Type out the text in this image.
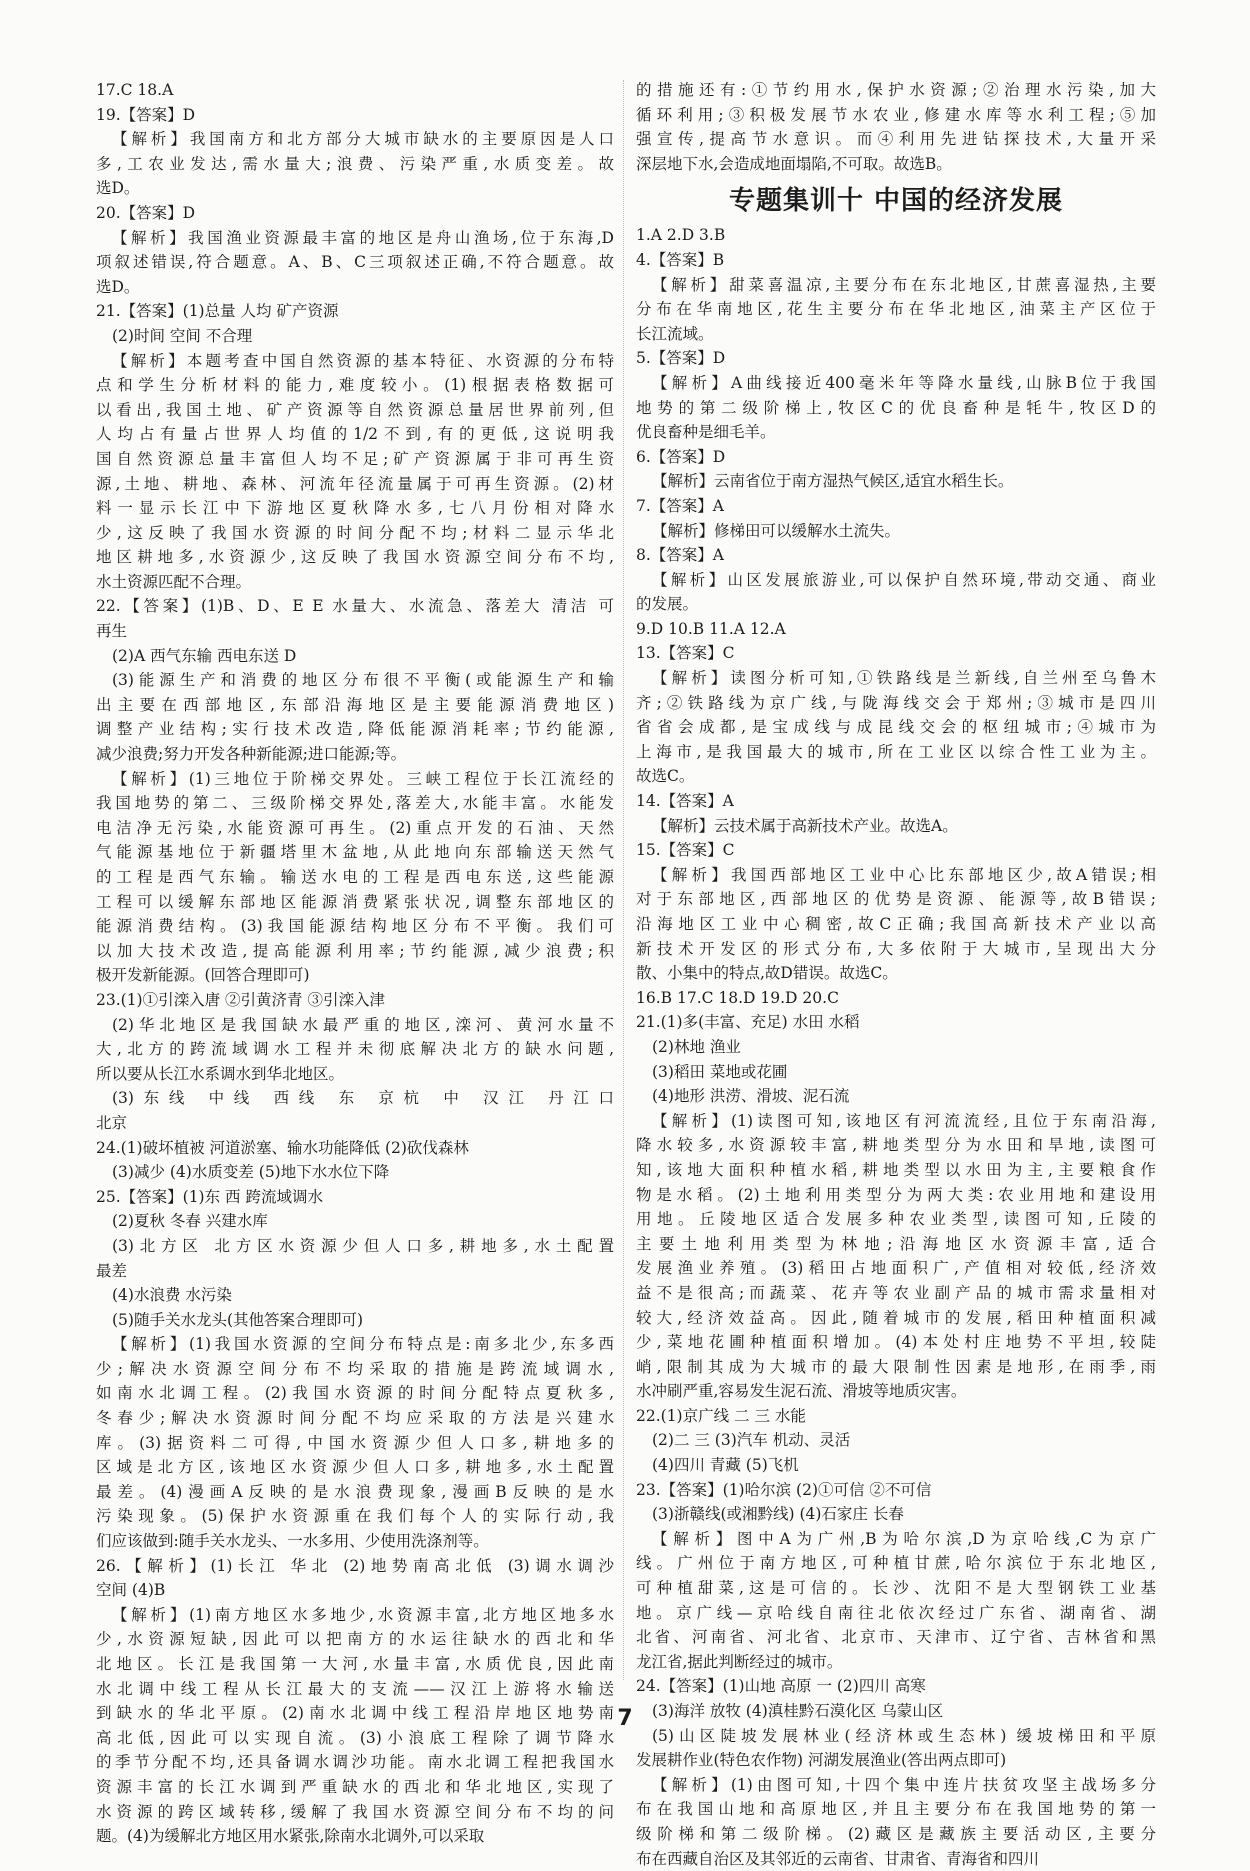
17.C 18.A
19.【答案】D
【解析】我国南方和北方部分大城市缺水的主要原因是人口
多,工农业发达,需水量大;浪费、污染严重,水质变差。故
选D。
20.【答案】D
【解析】我国渔业资源最丰富的地区是舟山渔场,位于东海,D
项叙述错误,符合题意。A、B、C三项叙述正确,不符合题意。故
选D。
21.【答案】(1)总量 人均 矿产资源
(2)时间 空间 不合理
【解析】本题考查中国自然资源的基本特征、水资源的分布特
点和学生分析材料的能力,难度较小。(1)根据表格数据可
以看出,我国土地、矿产资源等自然资源总量居世界前列,但
人均占有量占世界人均值的1/2不到,有的更低,这说明我
国自然资源总量丰富但人均不足;矿产资源属于非可再生资
源,土地、耕地、森林、河流年径流量属于可再生资源。(2)材
料一显示长江中下游地区夏秋降水多,七八月份相对降水
少,这反映了我国水资源的时间分配不均;材料二显示华北
地区耕地多,水资源少,这反映了我国水资源空间分布不均,
水土资源匹配不合理。
22.【答案】(1)B、D、E E 水量大、水流急、落差大 清洁 可
再生
(2)A 西气东输 西电东送 D
(3)能源生产和消费的地区分布很不平衡(或能源生产和输
出主要在西部地区,东部沿海地区是主要能源消费地区)
调整产业结构;实行技术改造,降低能源消耗率;节约能源,
减少浪费;努力开发各种新能源;进口能源;等。
【解析】(1)三地位于阶梯交界处。三峡工程位于长江流经的
我国地势的第二、三级阶梯交界处,落差大,水能丰富。水能发
电洁净无污染,水能资源可再生。(2)重点开发的石油、天然
气能源基地位于新疆塔里木盆地,从此地向东部输送天然气
的工程是西气东输。输送水电的工程是西电东送,这些能源
工程可以缓解东部地区能源消费紧张状况,调整东部地区的
能源消费结构。(3)我国能源结构地区分布不平衡。我们可
以加大技术改造,提高能源利用率;节约能源,减少浪费;积
极开发新能源。(回答合理即可)
23.(1)①引滦入唐 ②引黄济青 ③引滦入津
(2)华北地区是我国缺水最严重的地区,滦河、黄河水量不
大,北方的跨流域调水工程并未彻底解决北方的缺水问题,
所以要从长江水系调水到华北地区。
(3)东线 中线 西线 东 京杭 中 汉江 丹江口
北京
24.(1)破坏植被 河道淤塞、输水功能降低 (2)砍伐森林
(3)减少 (4)水质变差 (5)地下水水位下降
25.【答案】(1)东 西 跨流域调水
(2)夏秋 冬春 兴建水库
(3)北方区 北方区水资源少但人口多,耕地多,水土配置
最差
(4)水浪费 水污染
(5)随手关水龙头(其他答案合理即可)
【解析】(1)我国水资源的空间分布特点是:南多北少,东多西
少;解决水资源空间分布不均采取的措施是跨流域调水,
如南水北调工程。(2)我国水资源的时间分配特点夏秋多,
冬春少;解决水资源时间分配不均应采取的方法是兴建水
库。(3)据资料二可得,中国水资源少但人口多,耕地多的
区域是北方区,该地区水资源少但人口多,耕地多,水土配置
最差。(4)漫画A反映的是水浪费现象,漫画B反映的是水
污染现象。(5)保护水资源重在我们每个人的实际行动,我
们应该做到:随手关水龙头、一水多用、少使用洗涤剂等。
26.【解析】(1)长江 华北 (2)地势南高北低 (3)调水调沙
空间 (4)B
【解析】(1)南方地区水多地少,水资源丰富,北方地区地多水
少,水资源短缺,因此可以把南方的水运往缺水的西北和华
北地区。长江是我国第一大河,水量丰富,水质优良,因此南
水北调中线工程从长江最大的支流——汉江上游将水输送
到缺水的华北平原。(2)南水北调中线工程沿岸地区地势南
高北低,因此可以实现自流。(3)小浪底工程除了调节降水
的季节分配不均,还具备调水调沙功能。南水北调工程把我国水
资源丰富的长江水调到严重缺水的西北和华北地区,实现了
水资源的跨区域转移,缓解了我国水资源空间分布不均的问
题。(4)为缓解北方地区用水紧张,除南水北调外,可以采取
的措施还有:①节约用水,保护水资源;②治理水污染,加大
循环利用;③积极发展节水农业,修建水库等水利工程;⑤加
强宣传,提高节水意识。而④利用先进钻探技术,大量开采
深层地下水,会造成地面塌陷,不可取。故选B。
专题集训十 中国的经济发展
1.A 2.D 3.B
4.【答案】B
【解析】甜菜喜温凉,主要分布在东北地区,甘蔗喜湿热,主要
分布在华南地区,花生主要分布在华北地区,油菜主产区位于
长江流域。
5.【答案】D
【解析】A曲线接近400毫米年等降水量线,山脉B位于我国
地势的第二级阶梯上,牧区C的优良畜种是牦牛,牧区D的
优良畜种是细毛羊。
6.【答案】D
【解析】云南省位于南方湿热气候区,适宜水稻生长。
7.【答案】A
【解析】修梯田可以缓解水土流失。
8.【答案】A
【解析】山区发展旅游业,可以保护自然环境,带动交通、商业
的发展。
9.D 10.B 11.A 12.A
13.【答案】C
【解析】读图分析可知,①铁路线是兰新线,自兰州至乌鲁木
齐;②铁路线为京广线,与陇海线交会于郑州;③城市是四川
省省会成都,是宝成线与成昆线交会的枢纽城市;④城市为
上海市,是我国最大的城市,所在工业区以综合性工业为主。
故选C。
14.【答案】A
【解析】云技术属于高新技术产业。故选A。
15.【答案】C
【解析】我国西部地区工业中心比东部地区少,故A错误;相
对于东部地区,西部地区的优势是资源、能源等,故B错误;
沿海地区工业中心稠密,故C正确;我国高新技术产业以高
新技术开发区的形式分布,大多依附于大城市,呈现出大分
散、小集中的特点,故D错误。故选C。
16.B 17.C 18.D 19.D 20.C
21.(1)多(丰富、充足) 水田 水稻
(2)林地 渔业
(3)稻田 菜地或花圃
(4)地形 洪涝、滑坡、泥石流
【解析】(1)读图可知,该地区有河流流经,且位于东南沿海,
降水较多,水资源较丰富,耕地类型分为水田和旱地,读图可
知,该地大面积种植水稻,耕地类型以水田为主,主要粮食作
物是水稻。(2)土地利用类型分为两大类:农业用地和建设用
用地。丘陵地区适合发展多种农业类型,读图可知,丘陵的
主要土地利用类型为林地;沿海地区水资源丰富,适合
发展渔业养殖。(3)稻田占地面积广,产值相对较低,经济效
益不是很高;而蔬菜、花卉等农业副产品的城市需求量相对
较大,经济效益高。因此,随着城市的发展,稻田种植面积减
少,菜地花圃种植面积增加。(4)本处村庄地势不平坦,较陡
峭,限制其成为大城市的最大限制性因素是地形,在雨季,雨
水冲刷严重,容易发生泥石流、滑坡等地质灾害。
22.(1)京广线 二 三 水能
(2)二 三 (3)汽车 机动、灵活
(4)四川 青藏 (5)飞机
23.【答案】(1)哈尔滨 (2)①可信 ②不可信
(3)浙赣线(或湘黔线) (4)石家庄 长春
【解析】图中A为广州,B为哈尔滨,D为京哈线,C为京广
线。广州位于南方地区,可种植甘蔗,哈尔滨位于东北地区,
可种植甜菜,这是可信的。长沙、沈阳不是大型钢铁工业基
地。京广线—京哈线自南往北依次经过广东省、湖南省、湖
北省、河南省、河北省、北京市、天津市、辽宁省、吉林省和黑
龙江省,据此判断经过的城市。
24.【答案】(1)山地 高原 一 (2)四川 高寒
(3)海洋 放牧 (4)滇桂黔石漠化区 乌蒙山区
(5)山区陡坡发展林业(经济林或生态林) 缓坡梯田和平原
发展耕作业(特色农作物) 河湖发展渔业(答出两点即可)
【解析】(1)由图可知,十四个集中连片扶贫攻坚主战场多分
布在我国山地和高原地区,并且主要分布在我国地势的第一
级阶梯和第二级阶梯。(2)藏区是藏族主要活动区,主要分
布在西藏自治区及其邻近的云南省、甘肃省、青海省和四川
7
